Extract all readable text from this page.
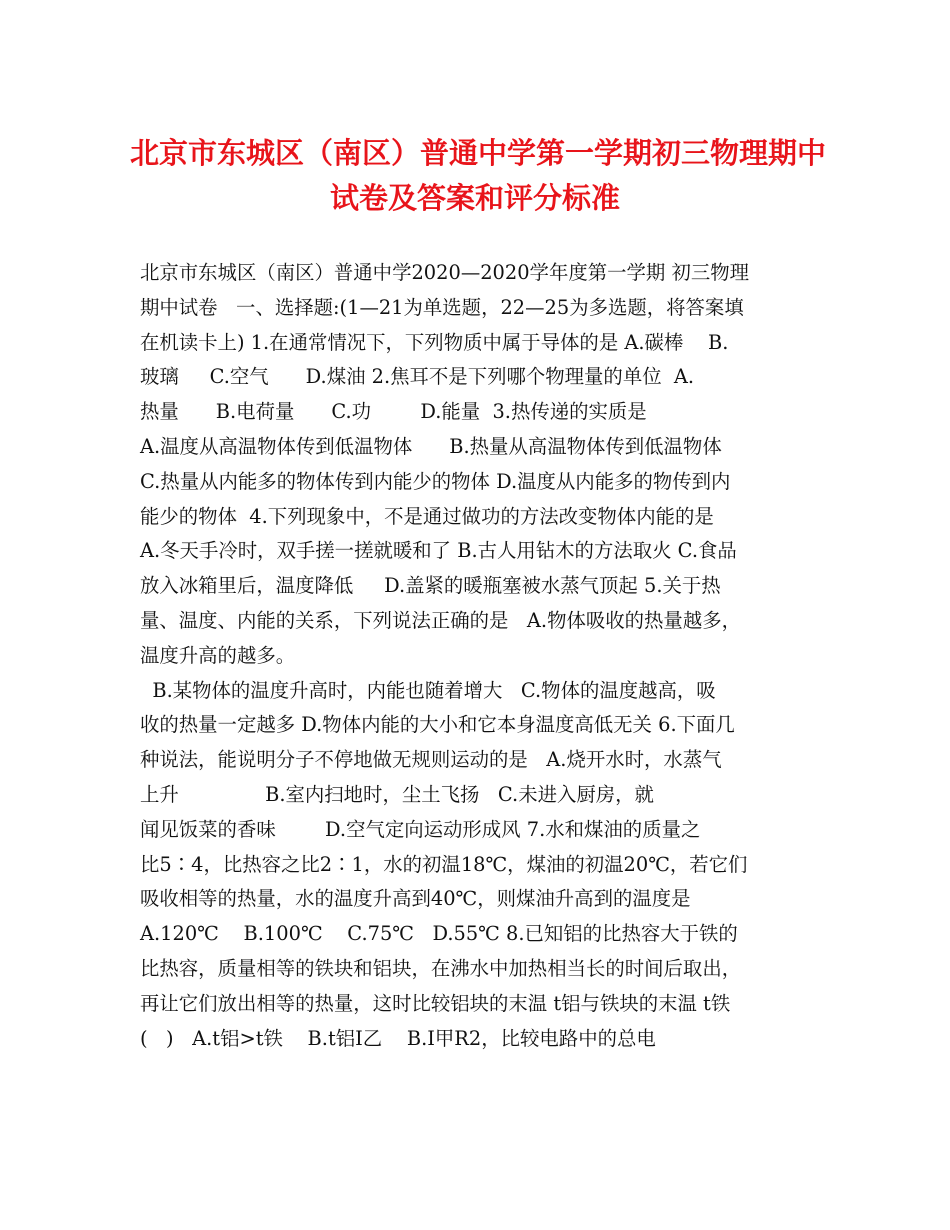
北京市东城区（南区）普通中学第一学期初三物理期中
试卷及答案和评分标准
北京市东城区（南区）普通中学2020—2020学年度第一学期 初三物理
期中试卷   一、选择题:(1—21为单选题，22—25为多选题，将答案填
在机读卡上) 1.在通常情况下，下列物质中属于导体的是 A.碳棒    B.
玻璃     C.空气      D.煤油 2.焦耳不是下列哪个物理量的单位  A.
热量      B.电荷量      C.功        D.能量  3.热传递的实质是
A.温度从高温物体传到低温物体      B.热量从高温物体传到低温物体
C.热量从内能多的物体传到内能少的物体 D.温度从内能多的物传到内
能少的物体  4.下列现象中，不是通过做功的方法改变物体内能的是
A.冬天手冷时，双手搓一搓就暖和了 B.古人用钻木的方法取火 C.食品
放入冰箱里后，温度降低     D.盖紧的暖瓶塞被水蒸气顶起 5.关于热
量、温度、内能的关系，下列说法正确的是   A.物体吸收的热量越多，
温度升高的越多。
B.某物体的温度升高时，内能也随着增大   C.物体的温度越高，吸
收的热量一定越多 D.物体内能的大小和它本身温度高低无关 6.下面几
种说法，能说明分子不停地做无规则运动的是   A.烧开水时，水蒸气
上升              B.室内扫地时，尘土飞扬   C.未进入厨房，就
闻见饭菜的香味        D.空气定向运动形成风 7.水和煤油的质量之
比5∶4，比热容之比2∶1，水的初温18℃，煤油的初温20℃，若它们
吸收相等的热量，水的温度升高到40℃，则煤油升高到的温度是
A.120℃    B.100℃    C.75℃   D.55℃ 8.已知铝的比热容大于铁的
比热容，质量相等的铁块和铝块，在沸水中加热相当长的时间后取出，
再让它们放出相等的热量，这时比较铝块的末温 t铝与铁块的末温 t铁
(   )   A.t铝>t铁    B.t铝I乙    B.I甲R2，比较电路中的总电
